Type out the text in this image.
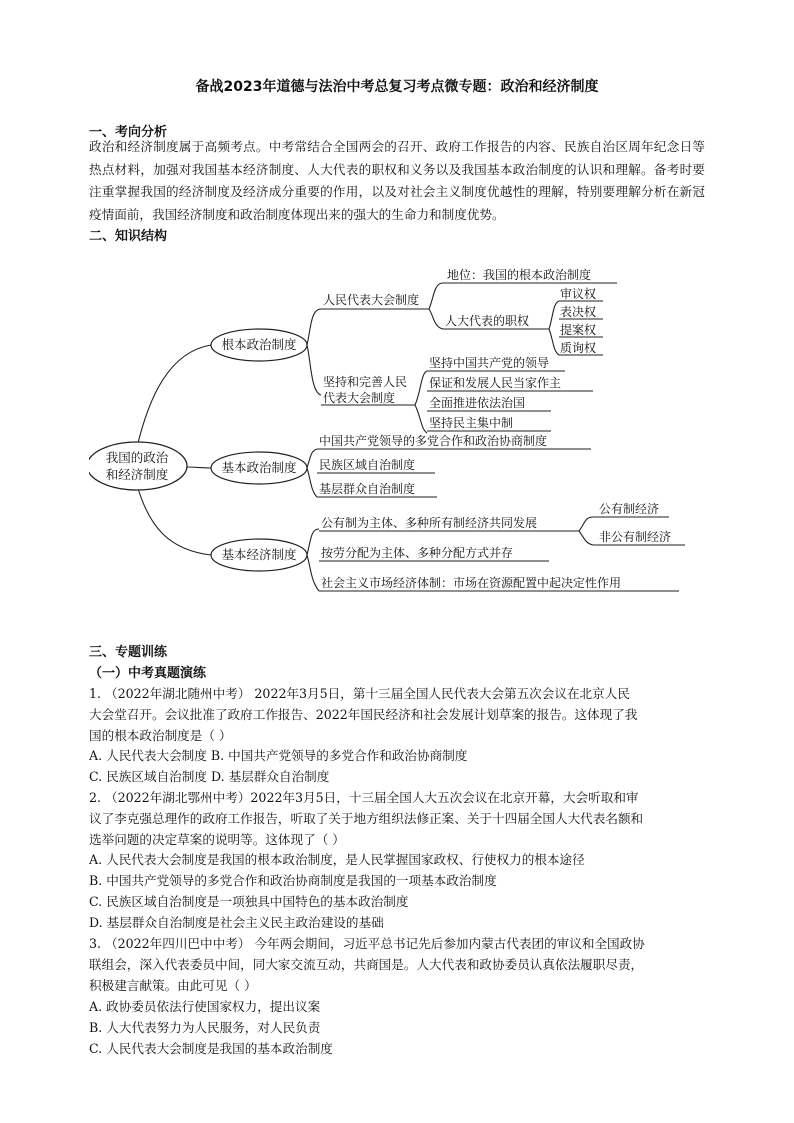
备战2023年道德与法治中考总复习考点微专题：政治和经济制度
一、考向分析

政治和经济制度属于高频考点。中考常结合全国两会的召开、政府工作报告的内容、民族自治区周年纪念日等热点材料，加强对我国基本经济制度、人大代表的职权和义务以及我国基本政治制度的认识和理解。备考时要注重掌握我国的经济制度及经济成分重要的作用，以及对社会主义制度优越性的理解，特别要理解分析在新冠疫情面前，我国经济制度和政治制度体现出来的强大的生命力和制度优势。

二、知识结构
我国的政治
和经济制度
根本政治制度
基本政治制度
基本经济制度
人民代表大会制度
地位：我国的根本政治制度
人大代表的职权
审议权
表决权
提案权
质询权
坚持和完善人民
代表大会制度
坚持中国共产党的领导
保证和发展人民当家作主
全面推进依法治国
坚持民主集中制
中国共产党领导的多党合作和政治协商制度
民族区域自治制度
基层群众自治制度
公有制为主体、多种所有制经济共同发展
公有制经济
非公有制经济
按劳分配为主体、多种分配方式并存
社会主义市场经济体制：市场在资源配置中起决定性作用
三、专题训练
（一）中考真题演练
1. （2022年湖北随州中考） 2022年3月5日，第十三届全国人民代表大会第五次会议在北京人民
大会堂召开。会议批准了政府工作报告、2022年国民经济和社会发展计划草案的报告。这体现了我
国的根本政治制度是（ ）
A. 人民代表大会制度 B. 中国共产党领导的多党合作和政治协商制度
C. 民族区域自治制度 D. 基层群众自治制度
2. （2022年湖北鄂州中考）2022年3月5日，十三届全国人大五次会议在北京开幕，大会听取和审
议了李克强总理作的政府工作报告，听取了关于地方组织法修正案、关于十四届全国人大代表名额和
选举问题的决定草案的说明等。这体现了（ ）
A. 人民代表大会制度是我国的根本政治制度，是人民掌握国家政权、行使权力的根本途径
B. 中国共产党领导的多党合作和政治协商制度是我国的一项基本政治制度
C. 民族区域自治制度是一项独具中国特色的基本政治制度
D. 基层群众自治制度是社会主义民主政治建设的基础
3. （2022年四川巴中中考） 今年两会期间，习近平总书记先后参加内蒙古代表团的审议和全国政协
联组会，深入代表委员中间，同大家交流互动，共商国是。人大代表和政协委员认真依法履职尽责，
积极建言献策。由此可见（ ）
A. 政协委员依法行使国家权力，提出议案
B. 人大代表努力为人民服务，对人民负责
C. 人民代表大会制度是我国的基本政治制度
